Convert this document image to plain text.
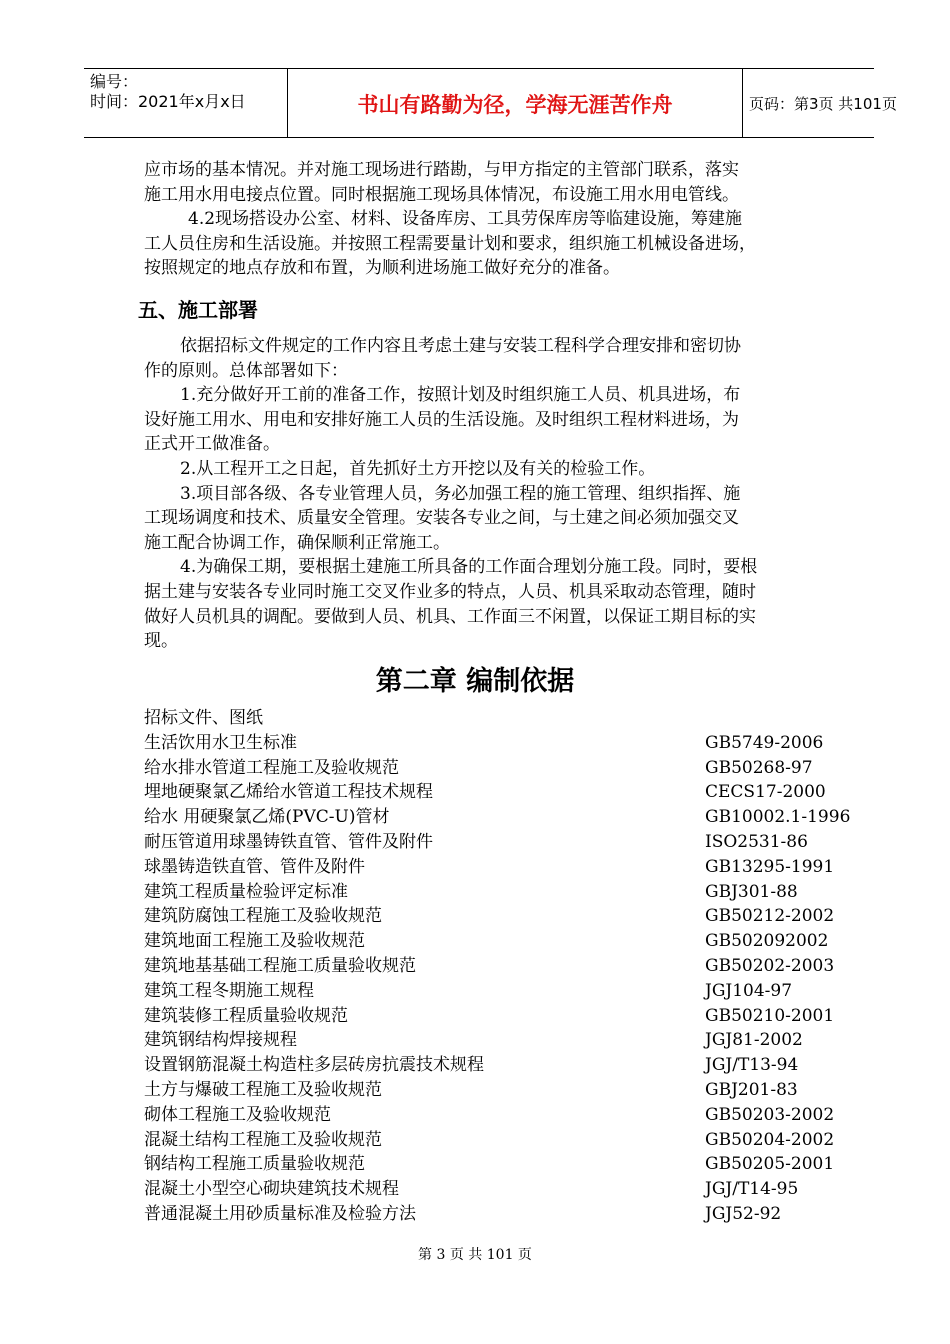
编号：
时间：2021年x月x日	书山有路勤为径，学海无涯苦作舟	页码：第3页 共101页
应市场的基本情况。并对施工现场进行踏勘，与甲方指定的主管部门联系，落实
施工用水用电接点位置。同时根据施工现场具体情况，布设施工用水用电管线。
4.2现场搭设办公室、材料、设备库房、工具劳保库房等临建设施，筹建施
工人员住房和生活设施。并按照工程需要量计划和要求，组织施工机械设备进场，
按照规定的地点存放和布置，为顺利进场施工做好充分的准备。
五、施工部署
依据招标文件规定的工作内容且考虑土建与安装工程科学合理安排和密切协
作的原则。总体部署如下：
1.充分做好开工前的准备工作，按照计划及时组织施工人员、机具进场，布
设好施工用水、用电和安排好施工人员的生活设施。及时组织工程材料进场，为
正式开工做准备。
2.从工程开工之日起，首先抓好土方开挖以及有关的检验工作。
3.项目部各级、各专业管理人员，务必加强工程的施工管理、组织指挥、施
工现场调度和技术、质量安全管理。安装各专业之间，与土建之间必须加强交叉
施工配合协调工作，确保顺利正常施工。
4.为确保工期，要根据土建施工所具备的工作面合理划分施工段。同时，要根
据土建与安装各专业同时施工交叉作业多的特点，人员、机具采取动态管理，随时
做好人员机具的调配。要做到人员、机具、工作面三不闲置，以保证工期目标的实
现。
第二章 编制依据
招标文件、图纸
生活饮用水卫生标准	GB5749-2006
给水排水管道工程施工及验收规范	GB50268-97
埋地硬聚氯乙烯给水管道工程技术规程	CECS17-2000
给水 用硬聚氯乙烯(PVC-U)管材	GB10002.1-1996
耐压管道用球墨铸铁直管、管件及附件	ISO2531-86
球墨铸造铁直管、管件及附件	GB13295-1991
建筑工程质量检验评定标准	GBJ301-88
建筑防腐蚀工程施工及验收规范	GB50212-2002
建筑地面工程施工及验收规范	GB502092002
建筑地基基础工程施工质量验收规范	GB50202-2003
建筑工程冬期施工规程	JGJ104-97
建筑装修工程质量验收规范	GB50210-2001
建筑钢结构焊接规程	JGJ81-2002
设置钢筋混凝土构造柱多层砖房抗震技术规程	JGJ/T13-94
土方与爆破工程施工及验收规范	GBJ201-83
砌体工程施工及验收规范	GB50203-2002
混凝土结构工程施工及验收规范	GB50204-2002
钢结构工程施工质量验收规范	GB50205-2001
混凝土小型空心砌块建筑技术规程	JGJ/T14-95
普通混凝土用砂质量标准及检验方法	JGJ52-92
第 3 页 共 101 页
